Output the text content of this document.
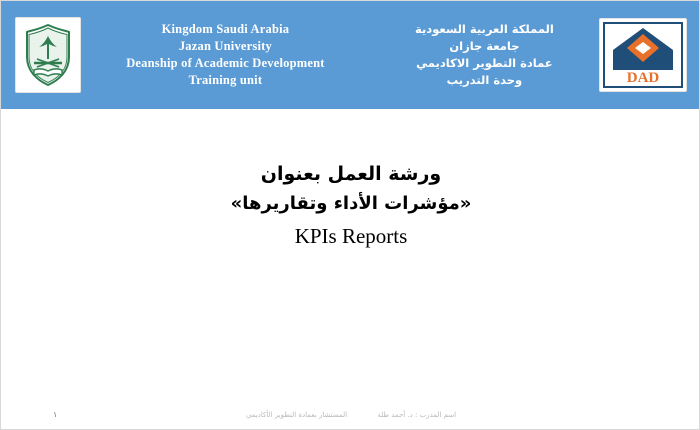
Kingdom Saudi Arabia
Jazan University
Deanship of Academic Development
Training unit
المملكة العربية السعودية
جامعة جازان
عمادة التطوير الاكاديمي
وحدة التدريب	DAD
ورشة العمل بعنوان
«مؤشرات الأداء وتقاريرها»
KPIs Reports
١	اسم المدرب : د. أحمد طلة المستشار بعمادة التطوير الأكاديمي
